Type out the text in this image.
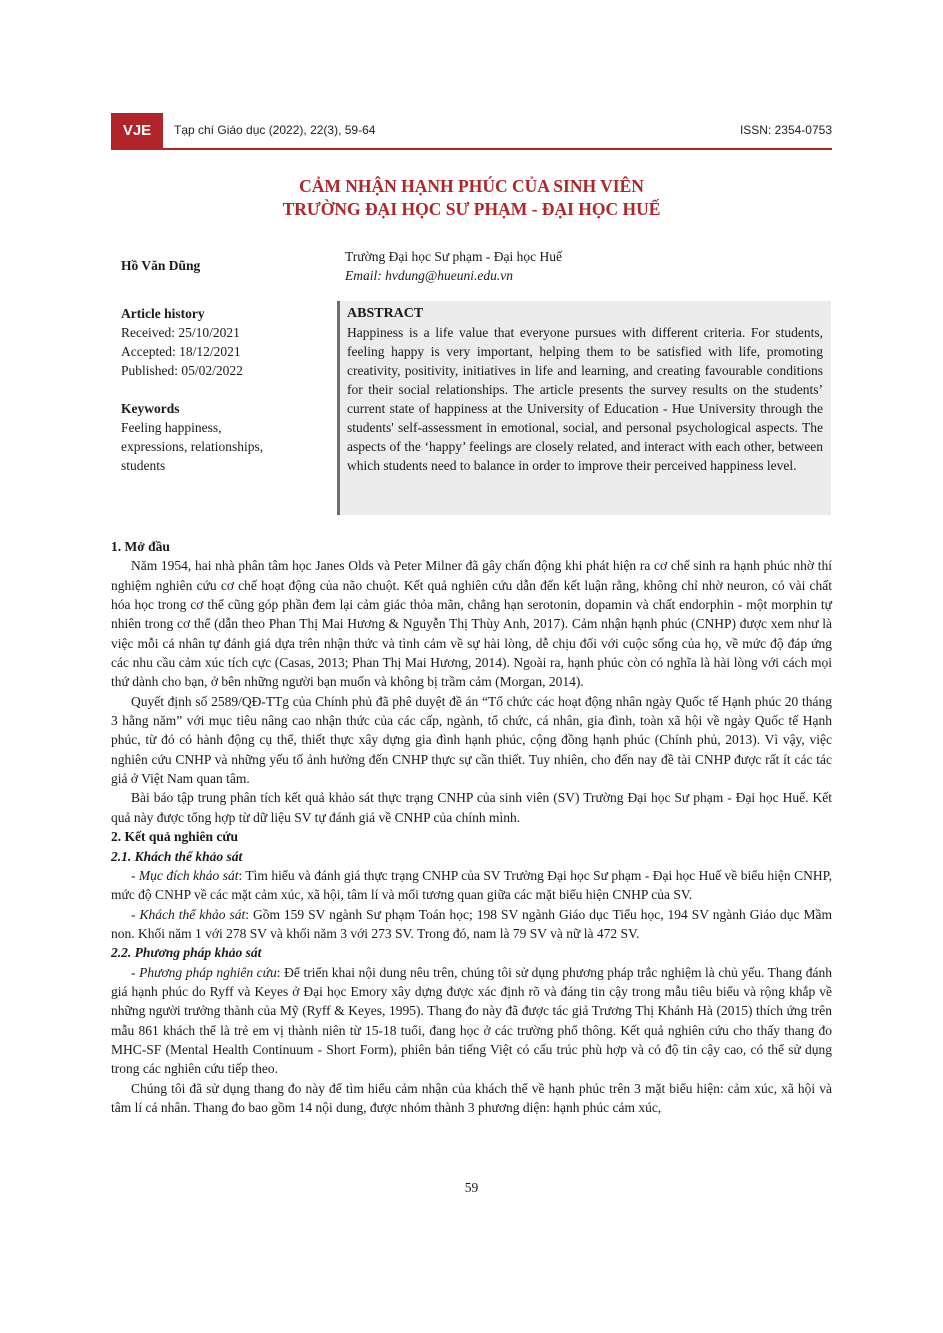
VJE	Tạp chí Giáo dục (2022), 22(3), 59-64	ISSN: 2354-0753
CẢM NHẬN HẠNH PHÚC CỦA SINH VIÊN
TRƯỜNG ĐẠI HỌC SƯ PHẠM - ĐẠI HỌC HUẾ
Hồ Văn Dũng
Trường Đại học Sư phạm - Đại học Huế
Email: hvdung@hueuni.edu.vn
Article history
Received: 25/10/2021
Accepted: 18/12/2021
Published: 05/02/2022
Keywords
Feeling happiness,
expressions, relationships,
students
ABSTRACT
Happiness is a life value that everyone pursues with different criteria. For students, feeling happy is very important, helping them to be satisfied with life, promoting creativity, positivity, initiatives in life and learning, and creating favourable conditions for their social relationships. The article presents the survey results on the students’ current state of happiness at the University of Education - Hue University through the students' self-assessment in emotional, social, and personal psychological aspects. The aspects of the ‘happy’ feelings are closely related, and interact with each other, between which students need to balance in order to improve their perceived happiness level.

1. Mở đầu

Năm 1954, hai nhà phân tâm học Janes Olds và Peter Milner đã gây chấn động khi phát hiện ra cơ chế sinh ra hạnh phúc nhờ thí nghiệm nghiên cứu cơ chế hoạt động của não chuột. Kết quả nghiên cứu dẫn đến kết luận rằng, không chỉ nhờ neuron, có vài chất hóa học trong cơ thể cũng góp phần đem lại cảm giác thỏa mãn, chẳng hạn serotonin, dopamin và chất endorphin - một morphin tự nhiên trong cơ thể (dẫn theo Phan Thị Mai Hương & Nguyễn Thị Thùy Anh, 2017). Cảm nhận hạnh phúc (CNHP) được xem như là việc mỗi cá nhân tự đánh giá dựa trên nhận thức và tình cảm về sự hài lòng, dễ chịu đối với cuộc sống của họ, về mức độ đáp ứng các nhu cầu cảm xúc tích cực (Casas, 2013; Phan Thị Mai Hương, 2014). Ngoài ra, hạnh phúc còn có nghĩa là hài lòng với cách mọi thứ dành cho bạn, ở bên những người bạn muốn và không bị trầm cảm (Morgan, 2014).

Quyết định số 2589/QĐ-TTg của Chính phủ đã phê duyệt đề án “Tổ chức các hoạt động nhân ngày Quốc tế Hạnh phúc 20 tháng 3 hằng năm” với mục tiêu nâng cao nhận thức của các cấp, ngành, tổ chức, cá nhân, gia đình, toàn xã hội về ngày Quốc tế Hạnh phúc, từ đó có hành động cụ thể, thiết thực xây dựng gia đình hạnh phúc, cộng đồng hạnh phúc (Chính phủ, 2013). Vì vậy, việc nghiên cứu CNHP và những yếu tố ảnh hưởng đến CNHP thực sự cần thiết. Tuy nhiên, cho đến nay đề tài CNHP được rất ít các tác giả ở Việt Nam quan tâm.

Bài báo tập trung phân tích kết quả khảo sát thực trạng CNHP của sinh viên (SV) Trường Đại học Sư phạm - Đại học Huế. Kết quả này được tổng hợp từ dữ liệu SV tự đánh giá về CNHP của chính mình.

2. Kết quả nghiên cứu

2.1. Khách thể khảo sát

- Mục đích khảo sát: Tìm hiểu và đánh giá thực trạng CNHP của SV Trường Đại học Sư phạm - Đại học Huế về biểu hiện CNHP, mức độ CNHP về các mặt cảm xúc, xã hội, tâm lí và mối tương quan giữa các mặt biểu hiện CNHP của SV.

- Khách thể khảo sát: Gồm 159 SV ngành Sư phạm Toán học; 198 SV ngành Giáo dục Tiểu học, 194 SV ngành Giáo dục Mầm non. Khối năm 1 với 278 SV và khối năm 3 với 273 SV. Trong đó, nam là 79 SV và nữ là 472 SV.

2.2. Phương pháp khảo sát

- Phương pháp nghiên cứu: Để triển khai nội dung nêu trên, chúng tôi sử dụng phương pháp trắc nghiệm là chủ yếu. Thang đánh giá hạnh phúc do Ryff và Keyes ở Đại học Emory xây dựng được xác định rõ và đáng tin cậy trong mẫu tiêu biểu và rộng khắp về những người trưởng thành của Mỹ (Ryff & Keyes, 1995). Thang đo này đã được tác giả Trương Thị Khánh Hà (2015) thích ứng trên mẫu 861 khách thể là trẻ em vị thành niên từ 15-18 tuổi, đang học ở các trường phổ thông. Kết quả nghiên cứu cho thấy thang đo MHC-SF (Mental Health Continuum - Short Form), phiên bản tiếng Việt có cấu trúc phù hợp và có độ tin cậy cao, có thể sử dụng trong các nghiên cứu tiếp theo.

Chúng tôi đã sử dụng thang đo này để tìm hiểu cảm nhận của khách thể về hạnh phúc trên 3 mặt biểu hiện: cảm xúc, xã hội và tâm lí cá nhân. Thang đo bao gồm 14 nội dung, được nhóm thành 3 phương diện: hạnh phúc cảm xúc,

59
